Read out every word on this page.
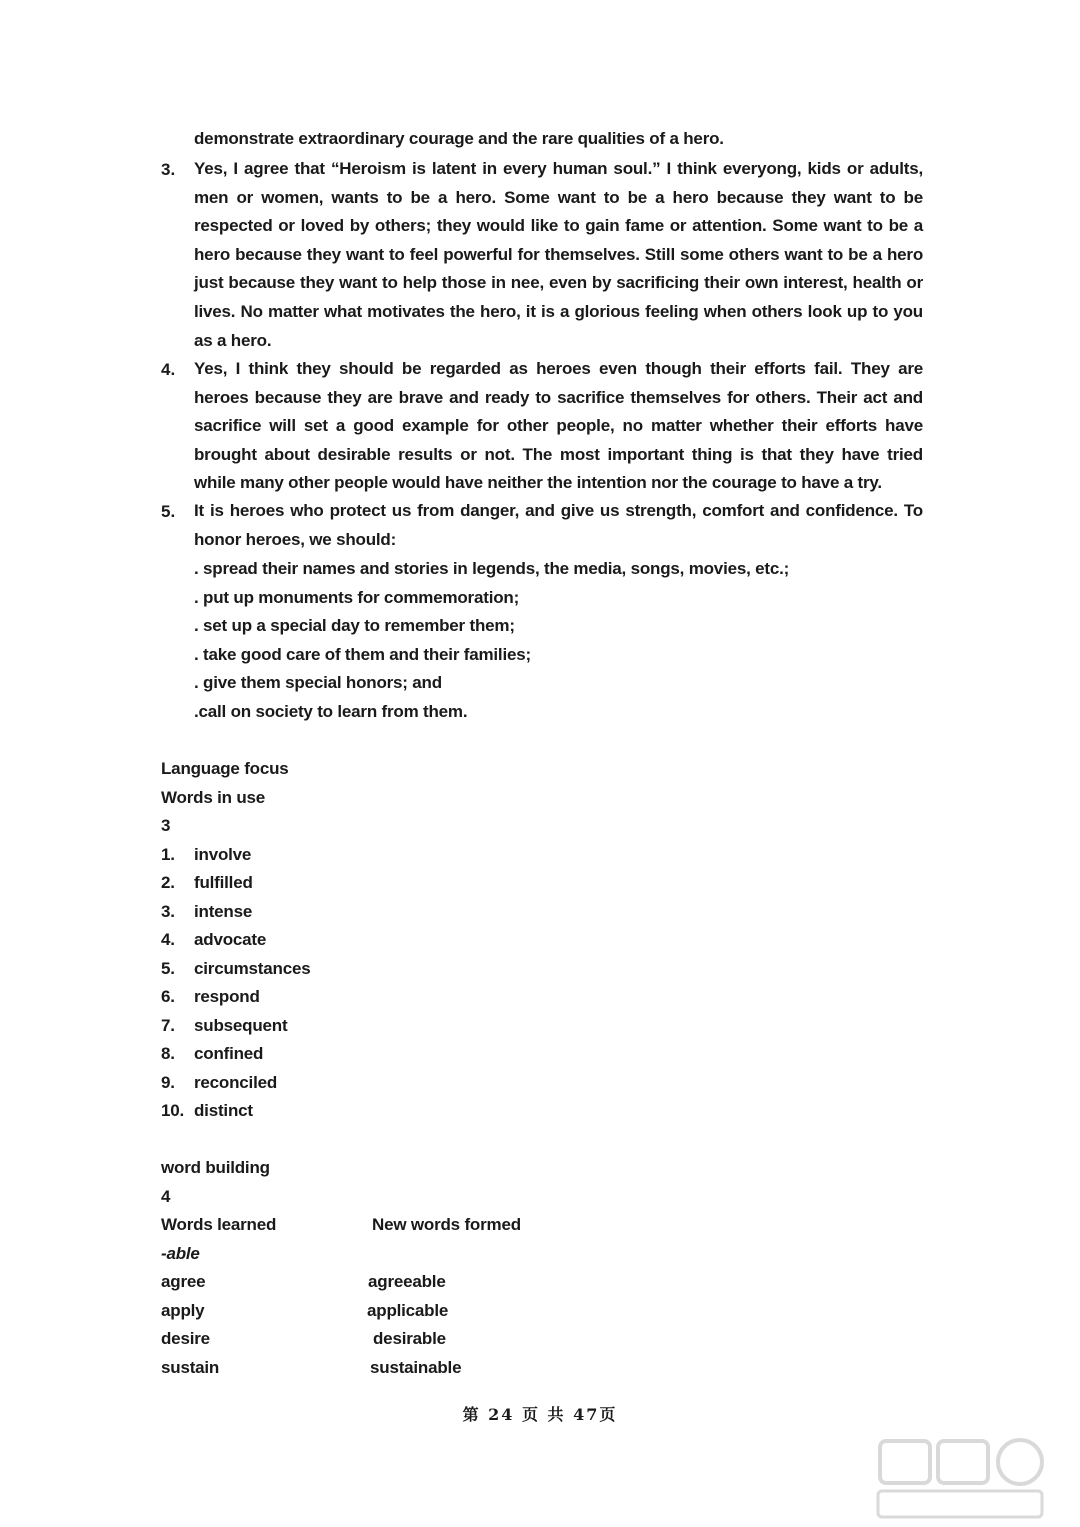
demonstrate extraordinary courage and the rare qualities of a hero.
3. Yes, I agree that “Heroism is latent in every human soul.” I think everyong, kids or adults, men or women, wants to be a hero. Some want to be a hero because they want to be respected or loved by others; they would like to gain fame or attention. Some want to be a hero because they want to feel powerful for themselves. Still some others want to be a hero just because they want to help those in nee, even by sacrificing their own interest, health or lives. No matter what motivates the hero, it is a glorious feeling when others look up to you as a hero.
4. Yes, I think they should be regarded as heroes even though their efforts fail. They are heroes because they are brave and ready to sacrifice themselves for others. Their act and sacrifice will set a good example for other people, no matter whether their efforts have brought about desirable results or not. The most important thing is that they have tried while many other people would have neither the intention nor the courage to have a try.
5. It is heroes who protect us from danger, and give us strength, comfort and confidence. To honor heroes, we should:
. spread their names and stories in legends, the media, songs, movies, etc.;
. put up monuments for commemoration;
. set up a special day to remember them;
. take good care of them and their families;
. give them special honors; and
.call on society to learn from them.
Language focus
Words in use
3
1. involve
2. fulfilled
3. intense
4. advocate
5. circumstances
6. respond
7. subsequent
8. confined
9. reconciled
10. distinct
word building
4
Words learned	New words formed
-able
agree	agreeable
apply	applicable
desire	desirable
sustain	sustainable
第 24 页 共 47页
